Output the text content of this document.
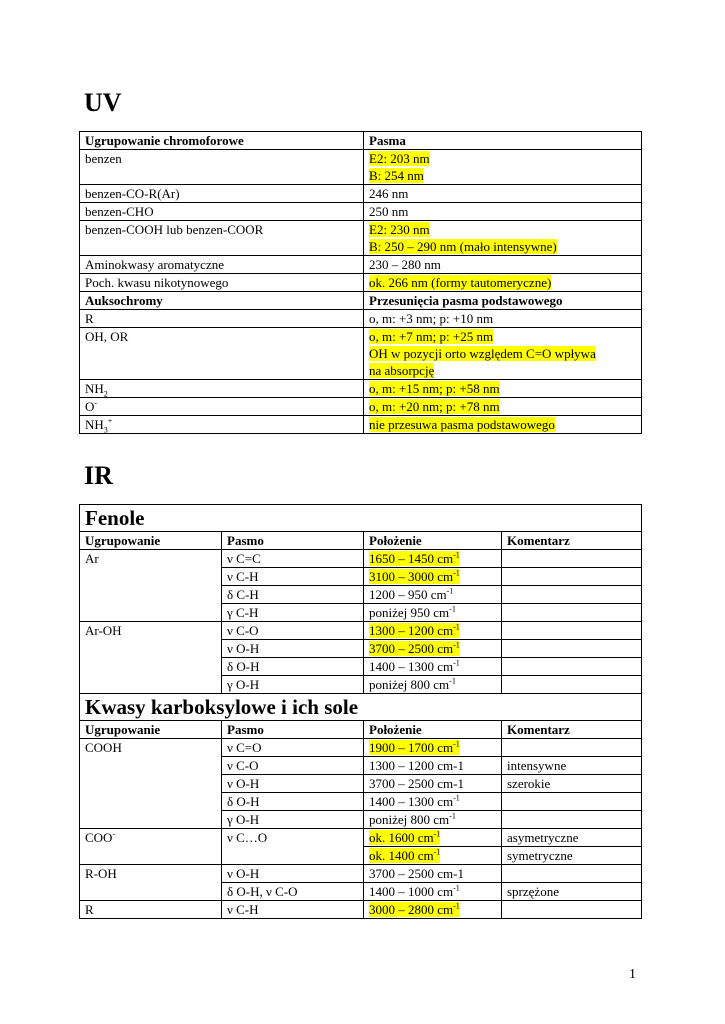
UV
Ugrupowanie chromoforowe	Pasma
benzen	E2: 203 nm
B: 254 nm

benzen-CO-R(Ar)	246 nm

benzen-CHO	250 nm

benzen-COOH lub benzen-COOR	E2: 230 nm
B: 250 – 290 nm (mało intensywne)

Aminokwasy aromatyczne	230 – 280 nm

Poch. kwasu nikotynowego	ok. 266 nm (formy tautomeryczne)

Auksochromy	Przesunięcia pasma podstawowego
R	o, m: +3 nm; p: +10 nm

OH, OR	o, m: +7 nm; p: +25 nm
OH w pozycji orto względem C=O wpływa
na absorpcję

$NH_2$	o, m: +15 nm; p: +58 nm

O-	o, m: +20 nm; p: +78 nm

$NH_3^+$	nie przesuwa pasma podstawowego
IR
Fenole			
Ugrupowanie	Pasmo	Położenie	Komentarz
Ar	ν C=C	1650 – 1450 $cm^{-1}$	
	ν C-H	3100 – 3000 $cm^{-1}$	
	δ C-H	1200 – 950 $cm^{-1}$	
	γ C-H	poniżej 950 $cm^{-1}$	
Ar-OH	ν C-O	1300 – 1200 $cm^{-1}$	
	ν O-H	3700 – 2500 $cm^{-1}$	
	δ O-H	1400 – 1300 $cm^{-1}$	
	γ O-H	poniżej 800 $cm^{-1}$	
Kwasy karboksylowe i ich sole			
Ugrupowanie	Pasmo	Położenie	Komentarz
COOH	ν C=O	1900 – 1700 $cm^{-1}$	
	ν C-O	1300 – 1200 cm-1	intensywne
	ν O-H	3700 – 2500 cm-1	szerokie
	δ O-H	1400 – 1300 $cm^{-1}$	
	γ O-H	poniżej 800 $cm^{-1}$	
COO-	ν C…O	ok. 1600 $cm^{-1}$	asymetryczne
		ok. 1400 $cm^{-1}$	symetryczne
R-OH	ν O-H	3700 – 2500 cm-1	
	δ O-H, ν C-O	1400 – 1000 $cm^{-1}$	sprzężone
R	ν C-H	3000 – 2800 $cm^{-1}$	
1
